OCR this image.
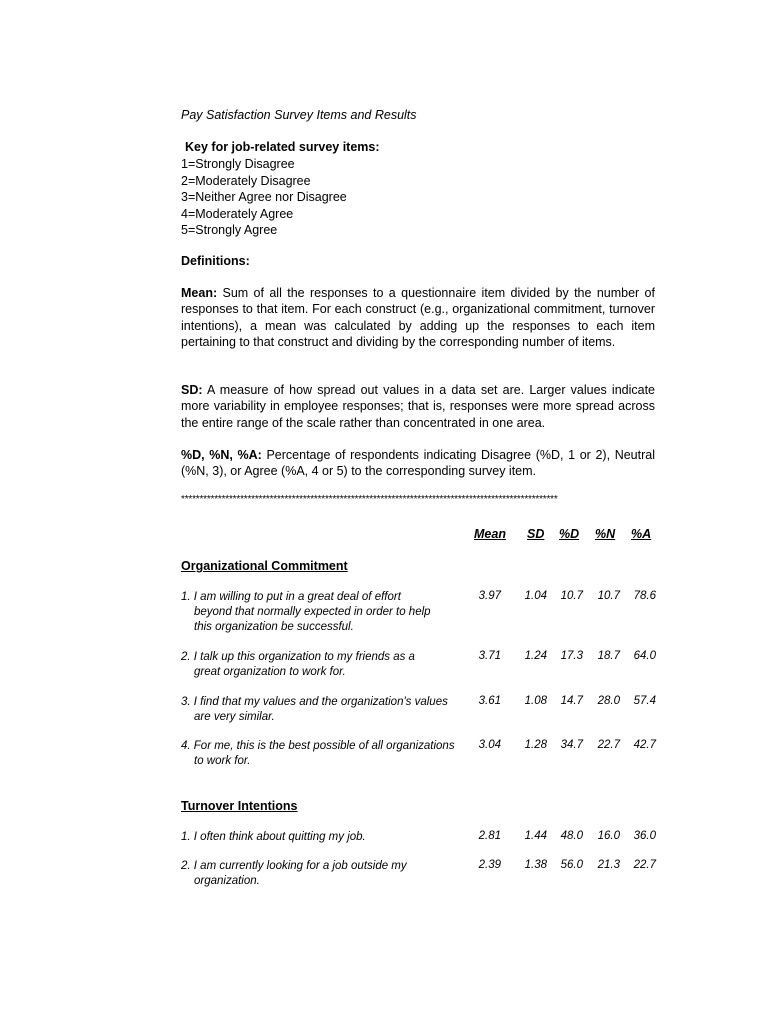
Pay Satisfaction Survey Items and Results
Key for job-related survey items:
1=Strongly Disagree
2=Moderately Disagree
3=Neither Agree nor Disagree
4=Moderately Agree
5=Strongly Agree
Definitions:
Mean: Sum of all the responses to a questionnaire item divided by the number of responses to that item. For each construct (e.g., organizational commitment, turnover intentions), a mean was calculated by adding up the responses to each item pertaining to that construct and dividing by the corresponding number of items.
SD: A measure of how spread out values in a data set are. Larger values indicate more variability in employee responses; that is, responses were more spread across the entire range of the scale rather than concentrated in one area.
%D, %N, %A: Percentage of respondents indicating Disagree (%D, 1 or 2), Neutral (%N, 3), or Agree (%A, 4 or 5) to the corresponding survey item.
******************************************************************************************************
Mean SD %D %N %A
Organizational Commitment
1. I am willing to put in a great deal of effort
beyond that normally expected in order to help
this organization be successful.
3.97	1.04	10.7	10.7	78.6
2. I talk up this organization to my friends as a
great organization to work for.
3.71	1.24	17.3	18.7	64.0
3. I find that my values and the organization's values
are very similar.
3.61	1.08	14.7	28.0	57.4
4. For me, this is the best possible of all organizations
to work for.
3.04	1.28	34.7	22.7	42.7
Turnover Intentions
1. I often think about quitting my job.	2.81	1.44	48.0	16.0	36.0
2. I am currently looking for a job outside my
organization.
2.39	1.38	56.0	21.3	22.7
